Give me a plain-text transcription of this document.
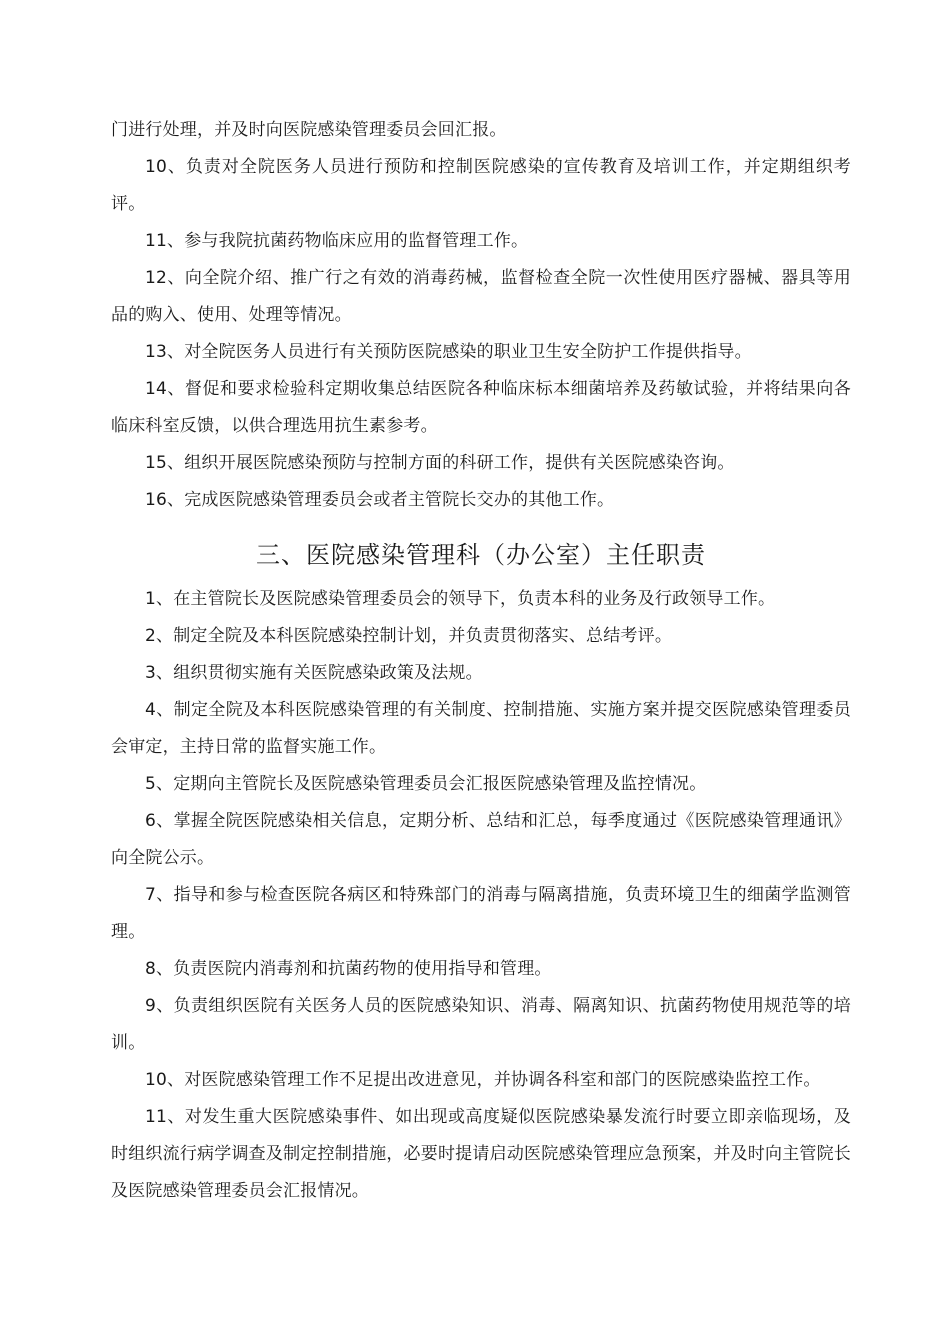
门进行处理，并及时向医院感染管理委员会回汇报。

10、负责对全院医务人员进行预防和控制医院感染的宣传教育及培训工作，并定期组织考评。

11、参与我院抗菌药物临床应用的监督管理工作。

12、向全院介绍、推广行之有效的消毒药械，监督检查全院一次性使用医疗器械、器具等用品的购入、使用、处理等情况。

13、对全院医务人员进行有关预防医院感染的职业卫生安全防护工作提供指导。

14、督促和要求检验科定期收集总结医院各种临床标本细菌培养及药敏试验，并将结果向各临床科室反馈，以供合理选用抗生素参考。

15、组织开展医院感染预防与控制方面的科研工作，提供有关医院感染咨询。

16、完成医院感染管理委员会或者主管院长交办的其他工作。

三、医院感染管理科（办公室）主任职责

1、在主管院长及医院感染管理委员会的领导下，负责本科的业务及行政领导工作。

2、制定全院及本科医院感染控制计划，并负责贯彻落实、总结考评。

3、组织贯彻实施有关医院感染政策及法规。

4、制定全院及本科医院感染管理的有关制度、控制措施、实施方案并提交医院感染管理委员会审定，主持日常的监督实施工作。

5、定期向主管院长及医院感染管理委员会汇报医院感染管理及监控情况。

6、掌握全院医院感染相关信息，定期分析、总结和汇总，每季度通过《医院感染管理通讯》向全院公示。

7、指导和参与检查医院各病区和特殊部门的消毒与隔离措施，负责环境卫生的细菌学监测管理。

8、负责医院内消毒剂和抗菌药物的使用指导和管理。

9、负责组织医院有关医务人员的医院感染知识、消毒、隔离知识、抗菌药物使用规范等的培训。

10、对医院感染管理工作不足提出改进意见，并协调各科室和部门的医院感染监控工作。

11、对发生重大医院感染事件、如出现或高度疑似医院感染暴发流行时要立即亲临现场，及时组织流行病学调查及制定控制措施，必要时提请启动医院感染管理应急预案，并及时向主管院长及医院感染管理委员会汇报情况。
